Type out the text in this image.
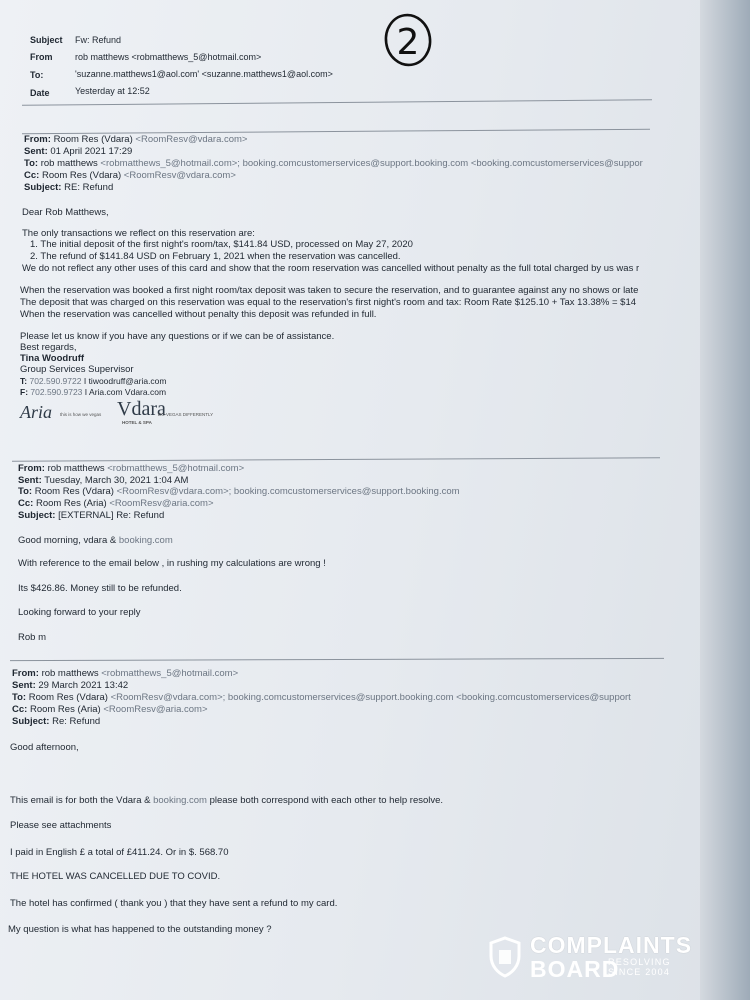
Subject Fw: Refund
From	rob matthews <robmatthews_5@hotmail.com>
To:	'suzanne.matthews1@aol.com' <suzanne.matthews1@aol.com>
Date	Yesterday at 12:52
2
From: Room Res (Vdara) <RoomResv@vdara.com>
Sent: 01 April 2021 17:29
To: rob matthews <robmatthews_5@hotmail.com>; booking.comcustomerservices@support.booking.com <booking.comcustomerservices@suppor
Cc: Room Res (Vdara) <RoomResv@vdara.com>
Subject: RE: Refund
Dear Rob Matthews,
The only transactions we reflect on this reservation are:
1. The initial deposit of the first night's room/tax, $141.84 USD, processed on May 27, 2020
2. The refund of $141.84 USD on February 1, 2021 when the reservation was cancelled.
We do not reflect any other uses of this card and show that the room reservation was cancelled without penalty as the full total charged by us was r
When the reservation was booked a first night room/tax deposit was taken to secure the reservation, and to guarantee against any no shows or late
The deposit that was charged on this reservation was equal to the reservation's first night's room and tax: Room Rate $125.10 + Tax 13.38% = $14
When the reservation was cancelled without penalty this deposit was refunded in full.
Please let us know if you have any questions or if we can be of assistance.
Best regards,
Tina Woodruff
Group Services Supervisor
T: 702.590.9722 I tiwoodruff@aria.com
F: 702.590.9723 I Aria.com Vdara.com
Aria this is how we vegas Vdara
HOTEL & SPA
DO VEGAS DIFFERENTLY
From: rob matthews <robmatthews_5@hotmail.com>
Sent: Tuesday, March 30, 2021 1:04 AM
To: Room Res (Vdara) <RoomResv@vdara.com>; booking.comcustomerservices@support.booking.com
Cc: Room Res (Aria) <RoomResv@aria.com>
Subject: [EXTERNAL] Re: Refund
Good morning, vdara & booking.com
With reference to the email below , in rushing my calculations are wrong !
Its $426.86. Money still to be refunded.
Looking forward to your reply
Rob m
From: rob matthews <robmatthews_5@hotmail.com>
Sent: 29 March 2021 13:42
To: Room Res (Vdara) <RoomResv@vdara.com>; booking.comcustomerservices@support.booking.com <booking.comcustomerservices@support
Cc: Room Res (Aria) <RoomResv@aria.com>
Subject: Re: Refund
Good afternoon,
This email is for both the Vdara & booking.com please both correspond with each other to help resolve.
Please see attachments
I paid in English £ a total of £411.24. Or in $. 568.70
THE HOTEL WAS CANCELLED DUE TO COVID.
The hotel has confirmed ( thank you ) that they have sent a refund to my card.
My question is what has happened to the outstanding money ?
COMPLAINTS
BOARD
RESOLVING
SINCE 2004
